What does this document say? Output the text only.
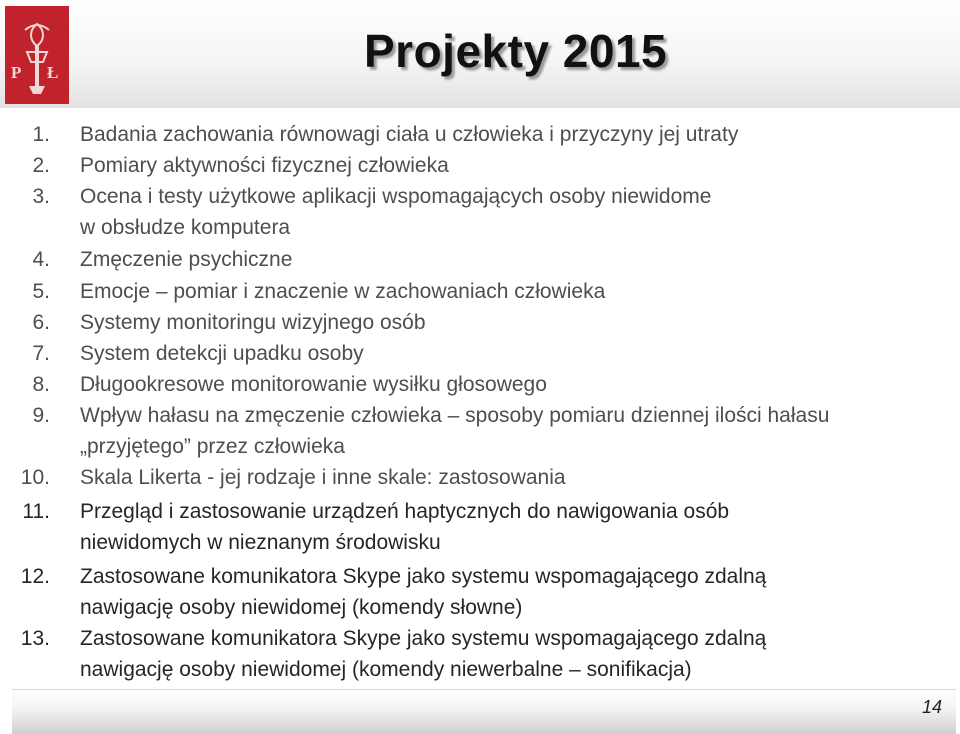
P Ł	Projekty 2015
1. Badania zachowania równowagi ciała u człowieka i przyczyny jej utraty
2. Pomiary aktywności fizycznej człowieka
3. Ocena i testy użytkowe aplikacji wspomagających osoby niewidome
w obsłudze komputera
4. Zmęczenie psychiczne
5. Emocje – pomiar i znaczenie w zachowaniach człowieka
6. Systemy monitoringu wizyjnego osób
7. System detekcji upadku osoby
8. Długookresowe monitorowanie wysiłku głosowego
9. Wpływ hałasu na zmęczenie człowieka – sposoby pomiaru dziennej ilości hałasu
„przyjętego” przez człowieka
10. Skala Likerta - jej rodzaje i inne skale: zastosowania
11. Przegląd i zastosowanie urządzeń haptycznych do nawigowania osób
niewidomych w nieznanym środowisku
12. Zastosowane komunikatora Skype jako systemu wspomagającego zdalną
nawigację osoby niewidomej (komendy słowne)
13. Zastosowane komunikatora Skype jako systemu wspomagającego zdalną
nawigację osoby niewidomej (komendy niewerbalne – sonifikacja)
14
